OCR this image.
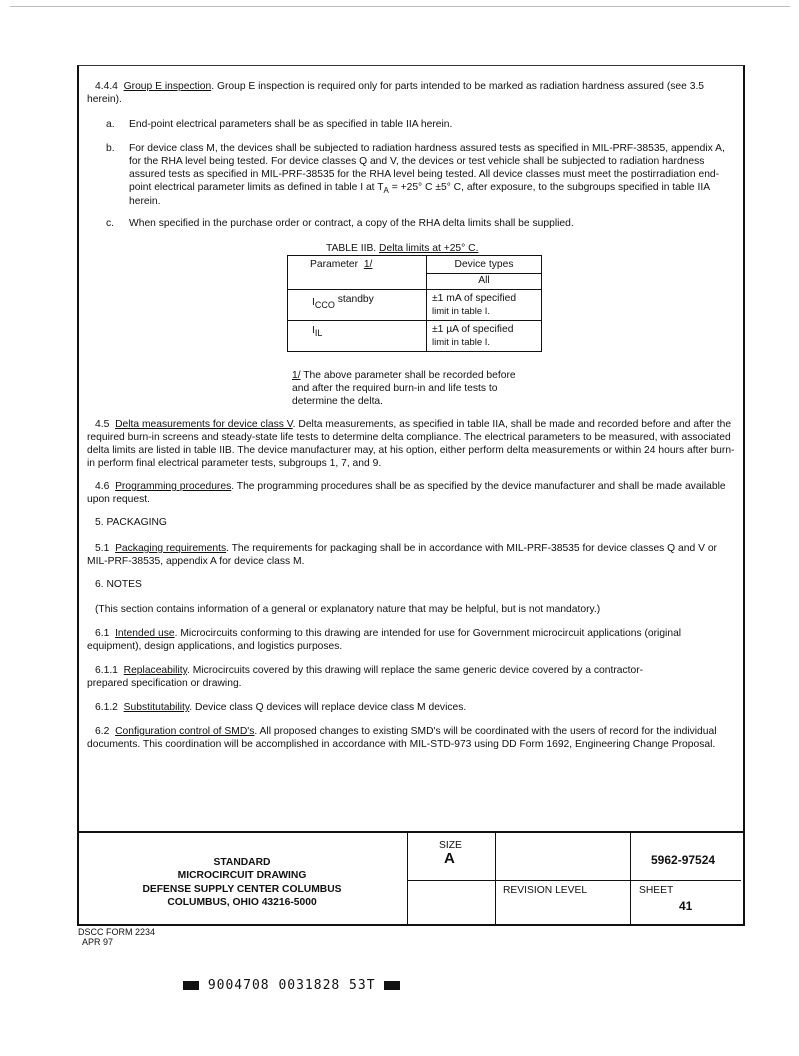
4.4.4 Group E inspection. Group E inspection is required only for parts intended to be marked as radiation hardness assured (see 3.5 herein).
a. End-point electrical parameters shall be as specified in table IIA herein.
b. For device class M, the devices shall be subjected to radiation hardness assured tests as specified in MIL-PRF-38535, appendix A, for the RHA level being tested. For device classes Q and V, the devices or test vehicle shall be subjected to radiation hardness assured tests as specified in MIL-PRF-38535 for the RHA level being tested. All device classes must meet the postirradiation end-point electrical parameter limits as defined in table I at $T_A = +25^\circ$ C ±5° C, after exposure, to the subgroups specified in table IIA herein.
c. When specified in the purchase order or contract, a copy of the RHA delta limits shall be supplied.
TABLE IIB. Delta limits at +25° C.
Parameter 1/	Device types
	All
$I_{CCO}$ standby	±1 mA of specified
limit in table I.

$I_{IL}$	±1 µA of specified
limit in table I.
1/ The above parameter shall be recorded before and after the required burn-in and life tests to determine the delta.
4.5 Delta measurements for device class V. Delta measurements, as specified in table IIA, shall be made and recorded before and after the required burn-in screens and steady-state life tests to determine delta compliance. The electrical parameters to be measured, with associated delta limits are listed in table IIB. The device manufacturer may, at his option, either perform delta measurements or within 24 hours after burn-in perform final electrical parameter tests, subgroups 1, 7, and 9.
4.6 Programming procedures. The programming procedures shall be as specified by the device manufacturer and shall be made available upon request.
5. PACKAGING
5.1 Packaging requirements. The requirements for packaging shall be in accordance with MIL-PRF-38535 for device classes Q and V or MIL-PRF-38535, appendix A for device class M.
6. NOTES
(This section contains information of a general or explanatory nature that may be helpful, but is not mandatory.)
6.1 Intended use. Microcircuits conforming to this drawing are intended for use for Government microcircuit applications (original equipment), design applications, and logistics purposes.
6.1.1 Replaceability. Microcircuits covered by this drawing will replace the same generic device covered by a contractor-prepared specification or drawing.
6.1.2 Substitutability. Device class Q devices will replace device class M devices.
6.2 Configuration control of SMD's. All proposed changes to existing SMD's will be coordinated with the users of record for the individual documents. This coordination will be accomplished in accordance with MIL-STD-973 using DD Form 1692, Engineering Change Proposal.
STANDARD
MICROCIRCUIT DRAWING
DEFENSE SUPPLY CENTER COLUMBUS
COLUMBUS, OHIO 43216-5000
SIZE
A	5962-97524
REVISION LEVEL	SHEET
41
DSCC FORM 2234
APR 97
9004708 0031828 53T
